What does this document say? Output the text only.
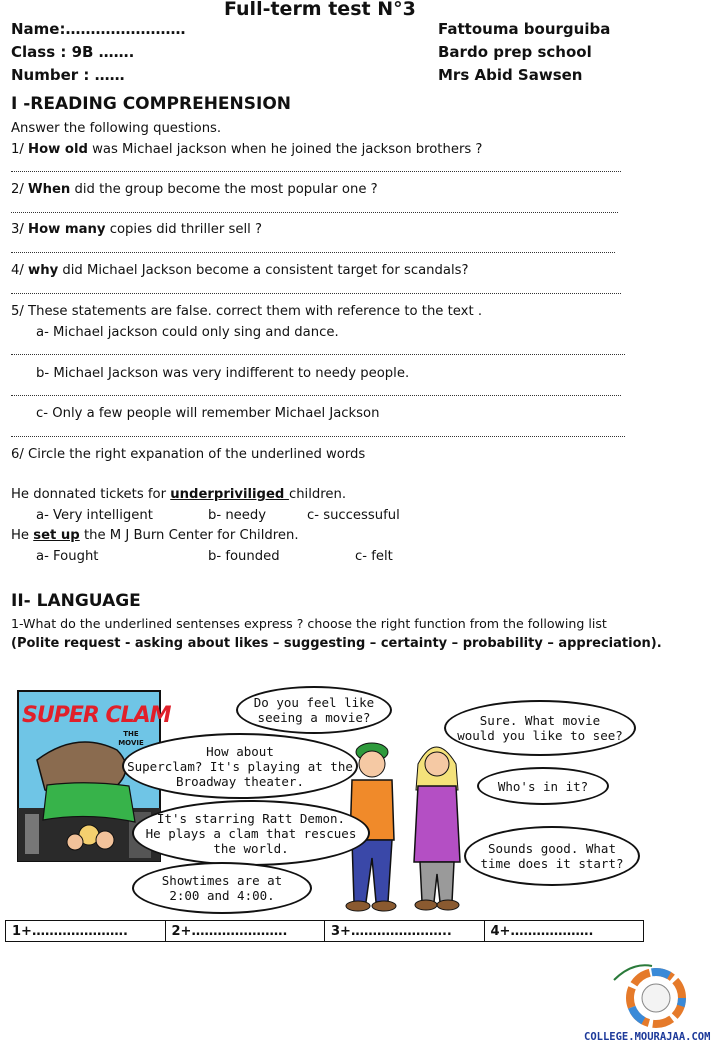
Full-term test N°3
Name:……………………
Class : 9B …….
Number : ……
Fattouma bourguiba
Bardo prep school
Mrs Abid Sawsen
I -READING COMPREHENSION
Answer the following questions.
1/ How old was Michael jackson when he joined the jackson brothers ?
2/ When did the group become the most popular one ?
3/ How many copies did thriller sell ?
4/ why did Michael Jackson become a consistent target for scandals?
5/ These statements are false. correct them with reference to the text .
a- Michael jackson could only sing and dance.
b- Michael Jackson was very indifferent to needy people.
c- Only a few people will remember Michael Jackson
6/ Circle the right expanation of the underlined words
He donnated tickets for underpriviliged children.
a- Very intelligent	b- needy	c- successuful
He set up the M J Burn Center for Children.
a- Fought	b- founded	c- felt
II- LANGUAGE
1-What do the underlined sentenses express ? choose the right function from the following list
(Polite request - asking about likes – suggesting – certainty – probability – appreciation).
SUPER CLAM
THE MOVIE
Do you feel like
seeing a movie?	Sure. What movie
would you like to see?
How about
Superclam? It's playing at the
Broadway theater.	Who's in it?
It's starring Ratt Demon.
He plays a clam that rescues
the world.	Sounds good. What
time does it start?
Showtimes are at
2:00 and 4:00.
1+………………….	2+………………….	3+…………………..	4+……………….
COLLEGE.MOURAJAA.COM
